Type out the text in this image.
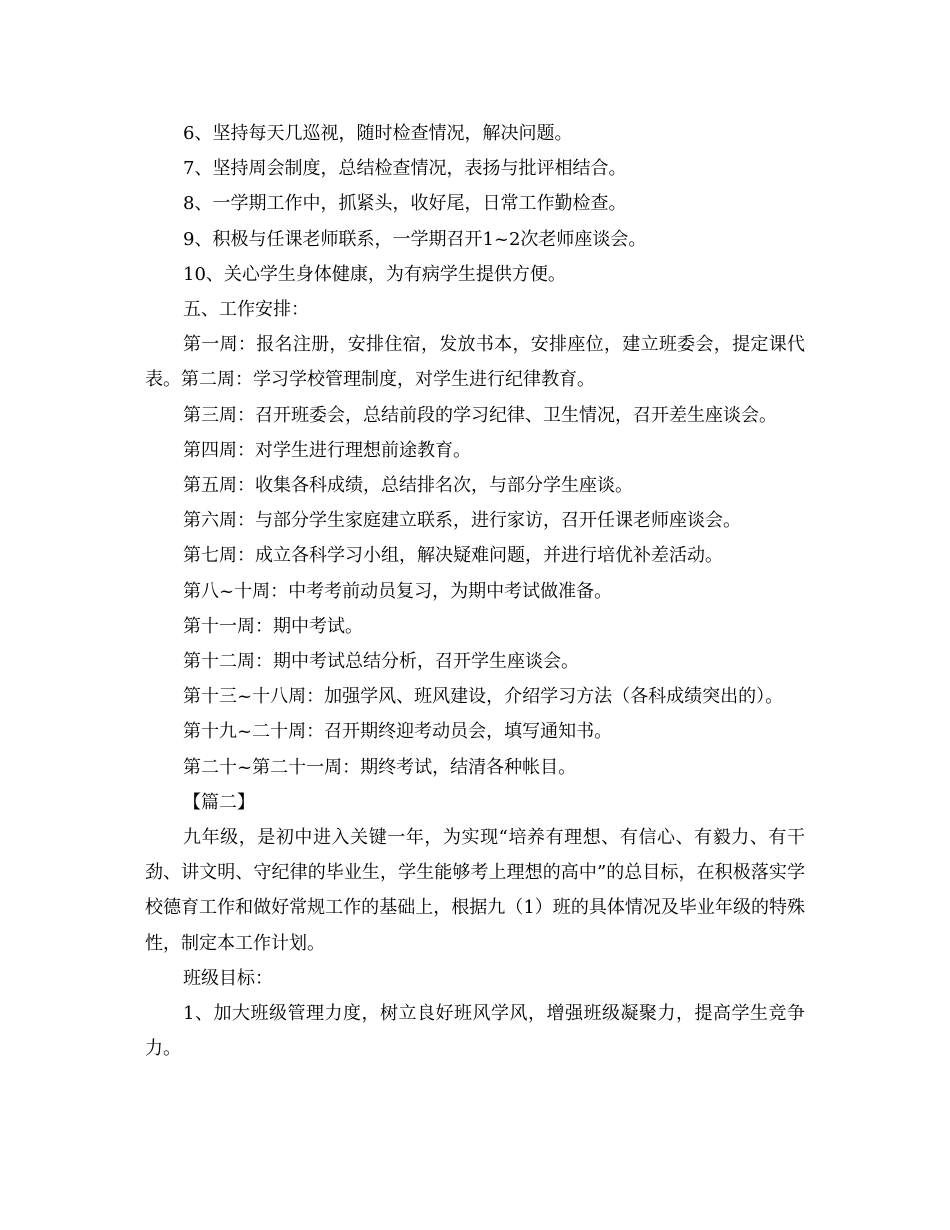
6、坚持每天几巡视，随时检查情况，解决问题。

7、坚持周会制度，总结检查情况，表扬与批评相结合。

8、一学期工作中，抓紧头，收好尾，日常工作勤检查。

9、积极与任课老师联系，一学期召开1~2次老师座谈会。

10、关心学生身体健康，为有病学生提供方便。

五、工作安排：

第一周：报名注册，安排住宿，发放书本，安排座位，建立班委会，提定课代表。第二周：学习学校管理制度，对学生进行纪律教育。

第三周：召开班委会，总结前段的学习纪律、卫生情况，召开差生座谈会。

第四周：对学生进行理想前途教育。

第五周：收集各科成绩，总结排名次，与部分学生座谈。

第六周：与部分学生家庭建立联系，进行家访，召开任课老师座谈会。

第七周：成立各科学习小组，解决疑难问题，并进行培优补差活动。

第八~十周：中考考前动员复习，为期中考试做准备。

第十一周：期中考试。

第十二周：期中考试总结分析，召开学生座谈会。

第十三~十八周：加强学风、班风建设，介绍学习方法（各科成绩突出的）。

第十九~二十周：召开期终迎考动员会，填写通知书。

第二十~第二十一周：期终考试，结清各种帐目。

【篇二】

九年级，是初中进入关键一年，为实现“培养有理想、有信心、有毅力、有干劲、讲文明、守纪律的毕业生，学生能够考上理想的高中”的总目标，在积极落实学校德育工作和做好常规工作的基础上，根据九（1）班的具体情况及毕业年级的特殊性，制定本工作计划。

班级目标：

1、加大班级管理力度，树立良好班风学风，增强班级凝聚力，提高学生竞争力。
